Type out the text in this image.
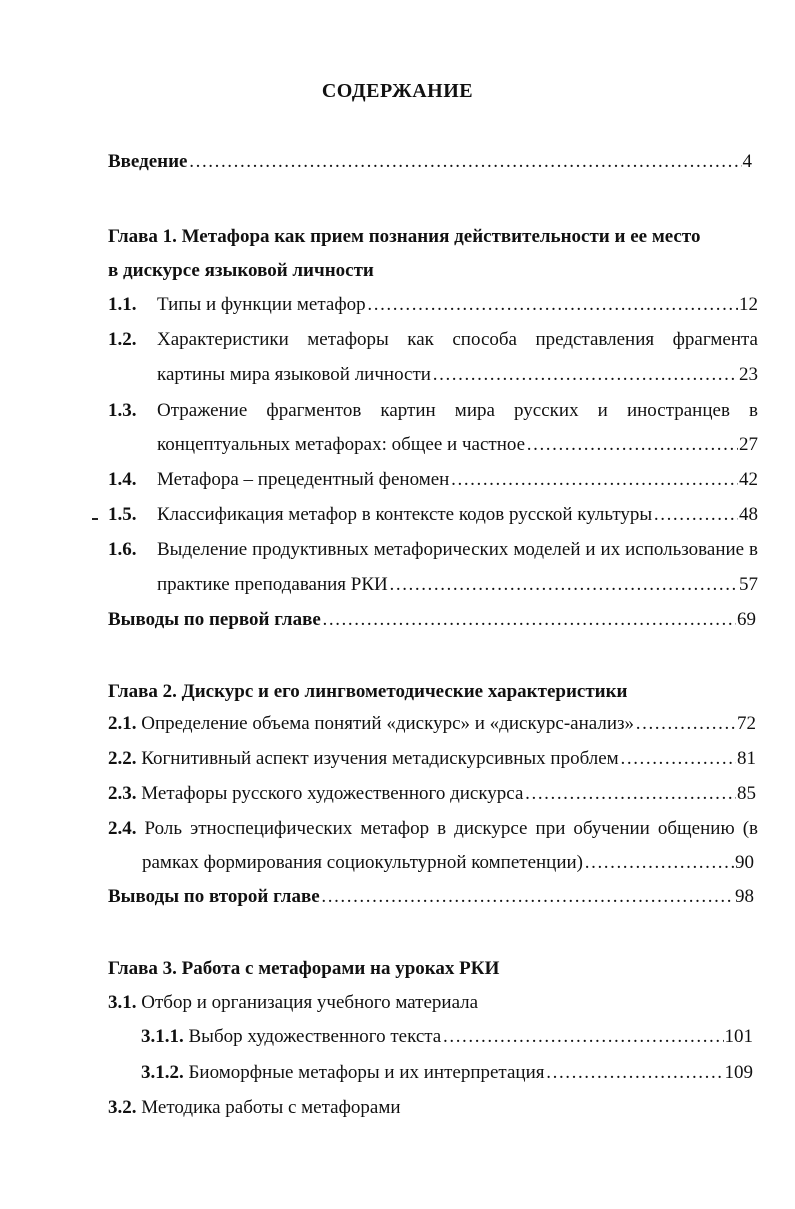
СОДЕРЖАНИЕ
Введение ……………………………………………………………………………………………………………………………………………………	4
Глава 1. Метафора как прием познания действительности и ее место
в дискурсе языковой личности
1.1. Типы и функции метафор ……………………………………………………………………………………………………………………………………………………	12
1.2. Характеристики метафоры как способа представления фрагмента
картины мира языковой личности ……………………………………………………………………………………………………………………………………………………	23
1.3. Отражение фрагментов картин мира русских и иностранцев в
концептуальных метафорах: общее и частное ……………………………………………………………………………………………………………………………………………………	27
1.4. Метафора – прецедентный феномен ……………………………………………………………………………………………………………………………………………………	42
1.5. Классификация метафор в контексте кодов русской культуры ……………………………………………………………………………………………………………………………………………………	48
1.6. Выделение продуктивных метафорических моделей и их использование в
практике преподавания РКИ ……………………………………………………………………………………………………………………………………………………	57
Выводы по первой главе ……………………………………………………………………………………………………………………………………………………	69
Глава 2. Дискурс и его лингвометодические характеристики
2.1. Определение объема понятий «дискурс» и «дискурс-анализ» ……………………………………………………………………………………………………………………………………………………	72
2.2. Когнитивный аспект изучения метадискурсивных проблем ……………………………………………………………………………………………………………………………………………………	81
2.3. Метафоры русского художественного дискурса ……………………………………………………………………………………………………………………………………………………	85
2.4. Роль этноспецифических метафор в дискурсе при обучении общению (в
рамках формирования социокультурной компетенции) ……………………………………………………………………………………………………………………………………………………	90
Выводы по второй главе ……………………………………………………………………………………………………………………………………………………	98
Глава 3. Работа с метафорами на уроках РКИ
3.1. Отбор и организация учебного материала
3.1.1. Выбор художественного текста ……………………………………………………………………………………………………………………………………………………	101
3.1.2. Биоморфные метафоры и их интерпретация ……………………………………………………………………………………………………………………………………………………	109
3.2. Методика работы с метафорами
